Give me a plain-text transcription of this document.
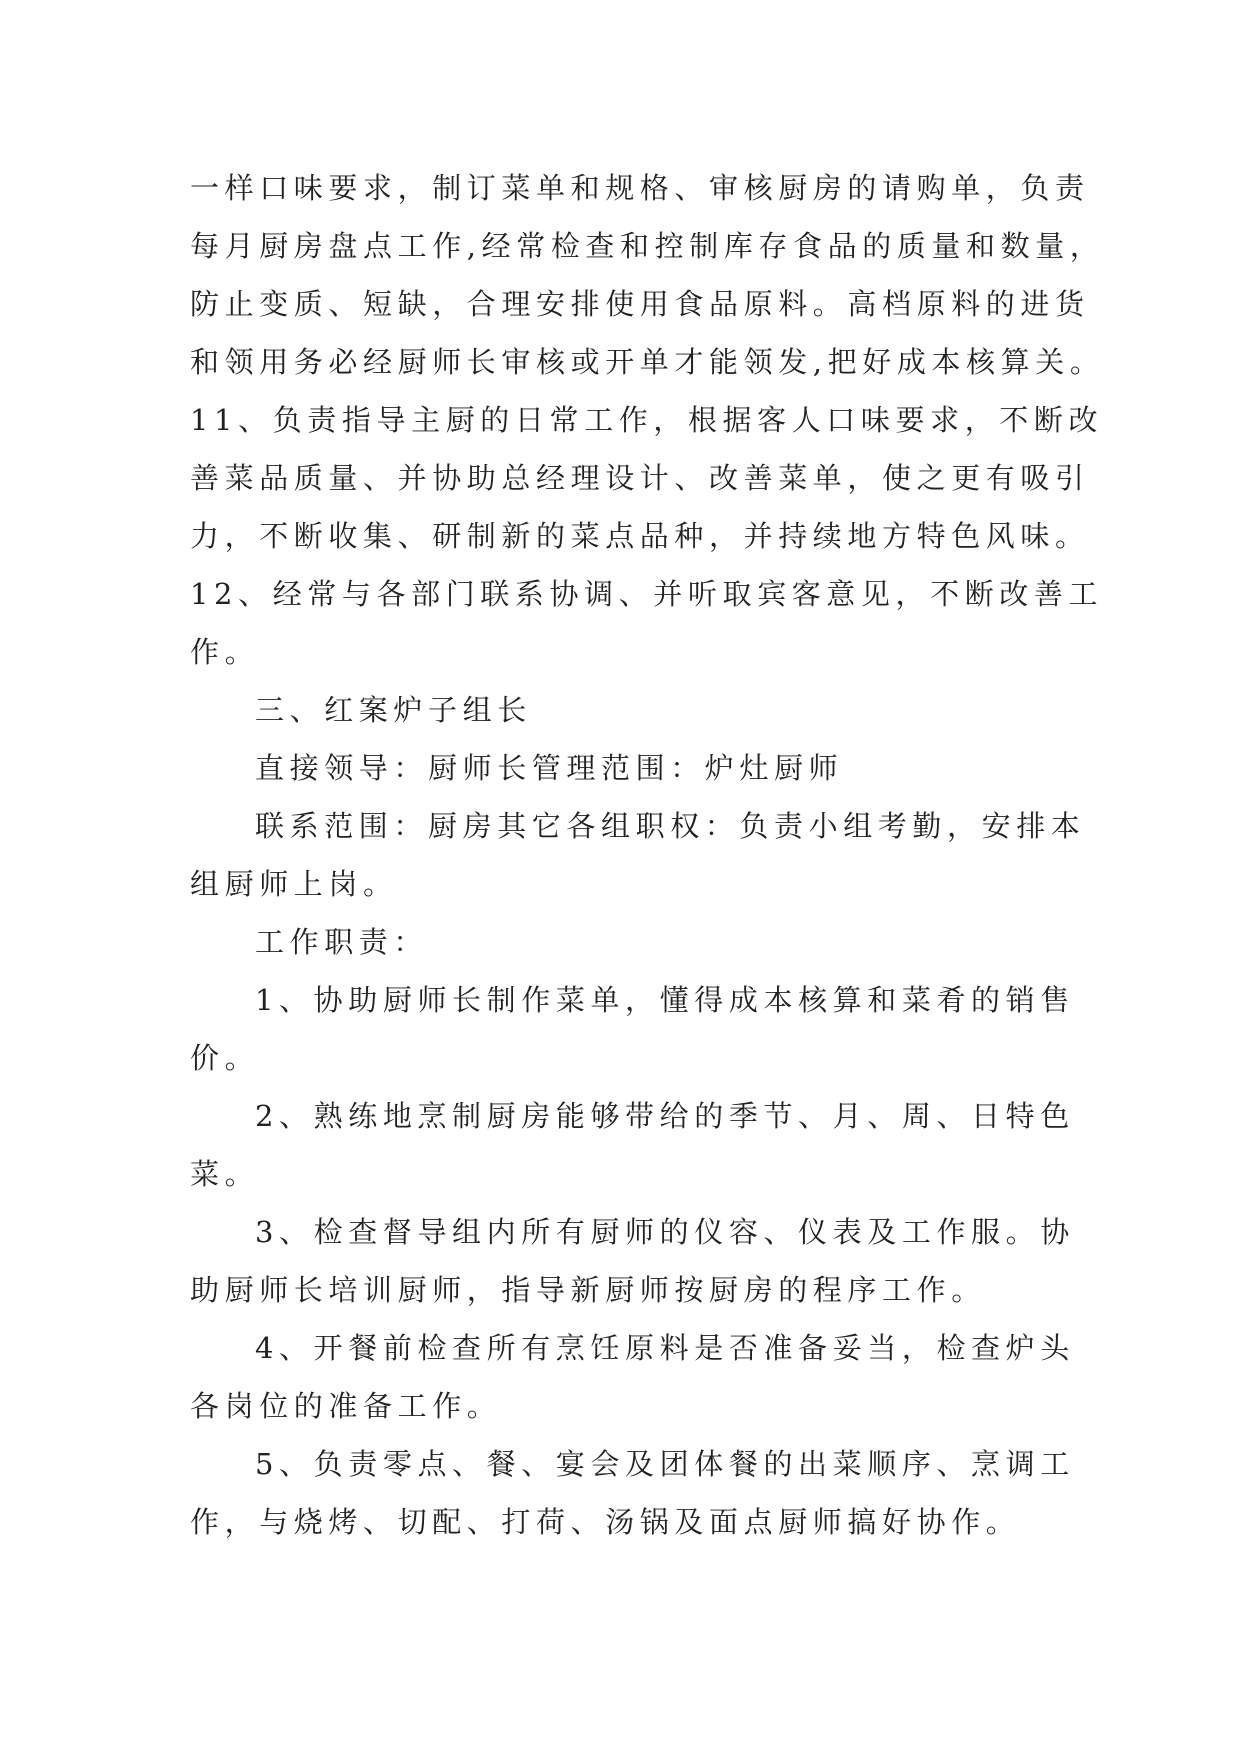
一样口味要求，制订菜单和规格、审核厨房的请购单，负责
每月厨房盘点工作,经常检查和控制库存食品的质量和数量，
防止变质、短缺，合理安排使用食品原料。高档原料的进货
和领用务必经厨师长审核或开单才能领发,把好成本核算关。
11、负责指导主厨的日常工作，根据客人口味要求，不断改
善菜品质量、并协助总经理设计、改善菜单，使之更有吸引
力，不断收集、研制新的菜点品种，并持续地方特色风味。
12、经常与各部门联系协调、并听取宾客意见，不断改善工
作。
三、红案炉子组长
直接领导：厨师长管理范围：炉灶厨师
联系范围：厨房其它各组职权：负责小组考勤，安排本
组厨师上岗。
工作职责：
1、协助厨师长制作菜单，懂得成本核算和菜肴的销售
价。
2、熟练地烹制厨房能够带给的季节、月、周、日特色
菜。
3、检查督导组内所有厨师的仪容、仪表及工作服。协
助厨师长培训厨师，指导新厨师按厨房的程序工作。
4、开餐前检查所有烹饪原料是否准备妥当，检查炉头
各岗位的准备工作。
5、负责零点、餐、宴会及团体餐的出菜顺序、烹调工
作，与烧烤、切配、打荷、汤锅及面点厨师搞好协作。
